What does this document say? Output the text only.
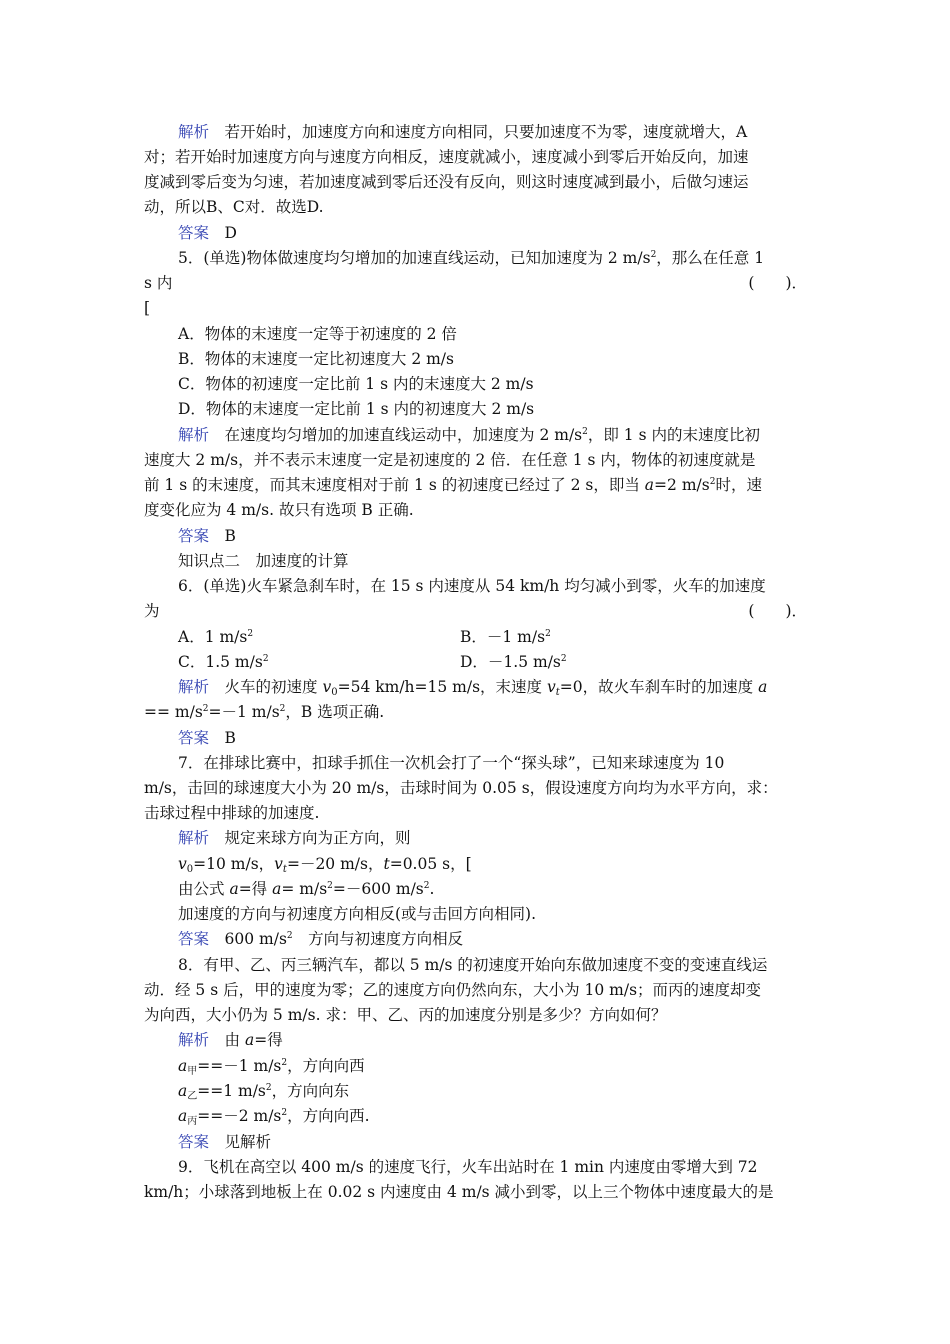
解析　 若开始时，加速度方向和速度方向相同，只要加速度不为零，速度就增大，A
对；若开始时加速度方向与速度方向相反，速度就减小，速度减小到零后开始反向，加速
度减到零后变为匀速，若加速度减到零后还没有反向，则这时速度减到最小，后做匀速运
动，所以B、C对．故选D.
答案　 D
5．(单选)物体做速度均匀增加的加速直线运动，已知加速度为 2 $m/s^2$，那么在任意 1
s 内	(　　)．
[
A．物体的末速度一定等于初速度的 2 倍
B．物体的末速度一定比初速度大 2 m/s
C．物体的初速度一定比前 1 s 内的末速度大 2 m/s
D．物体的末速度一定比前 1 s 内的初速度大 2 m/s
解析　 在速度均匀增加的加速直线运动中，加速度为 2 $m/s^2$，即 1 s 内的末速度比初
速度大 2 m/s，并不表示末速度一定是初速度的 2 倍．在任意 1 s 内，物体的初速度就是
前 1 s 的末速度，而其末速度相对于前 1 s 的初速度已经过了 2 s，即当 a=2 $m/s^2$时，速
度变化应为 4 m/s. 故只有选项 B 正确.
答案　 B
知识点二　加速度的计算
6．(单选)火车紧急刹车时，在 15 s 内速度从 54 km/h 均匀减小到零，火车的加速度
为	(　　)．
A．1 $m/s^2$	B．－1 $m/s^2$
C．1.5 $m/s^2$	D．－1.5 $m/s^2$
解析　 火车的初速度 $v_0=54$ km/h=15 m/s，末速度 $v_t=0$，故火车刹车时的加速度 a
== $m/s^2=-1$ $m/s^2$，B 选项正确.
答案　 B
7．在排球比赛中，扣球手抓住一次机会打了一个“探头球”，已知来球速度为 10
m/s，击回的球速度大小为 20 m/s，击球时间为 0.05 s，假设速度方向均为水平方向，求：
击球过程中排球的加速度.
解析　 规定来球方向为正方向，则
$v_0=10$ m/s，$v_t=-20$ m/s，t=0.05 s，[
由公式 a=得 $a= m/s^2=-600$ $m/s^2$.
加速度的方向与初速度方向相反(或与击回方向相同).
答案　 600 $m/s^2$　方向与初速度方向相反
8．有甲、乙、丙三辆汽车，都以 5 m/s 的初速度开始向东做加速度不变的变速直线运
动．经 5 s 后，甲的速度为零；乙的速度方向仍然向东，大小为 10 m/s；而丙的速度却变
为向西，大小仍为 5 m/s. 求：甲、乙、丙的加速度分别是多少？方向如何？
解析　 由 a=得
$a_甲==-1$ $m/s^2$，方向向西
$a_乙==1$ $m/s^2$，方向向东
$a_丙==-2$ $m/s^2$，方向向西.
答案　 见解析
9．飞机在高空以 400 m/s 的速度飞行，火车出站时在 1 min 内速度由零增大到 72
km/h；小球落到地板上在 0.02 s 内速度由 4 m/s 减小到零，以上三个物体中速度最大的是
